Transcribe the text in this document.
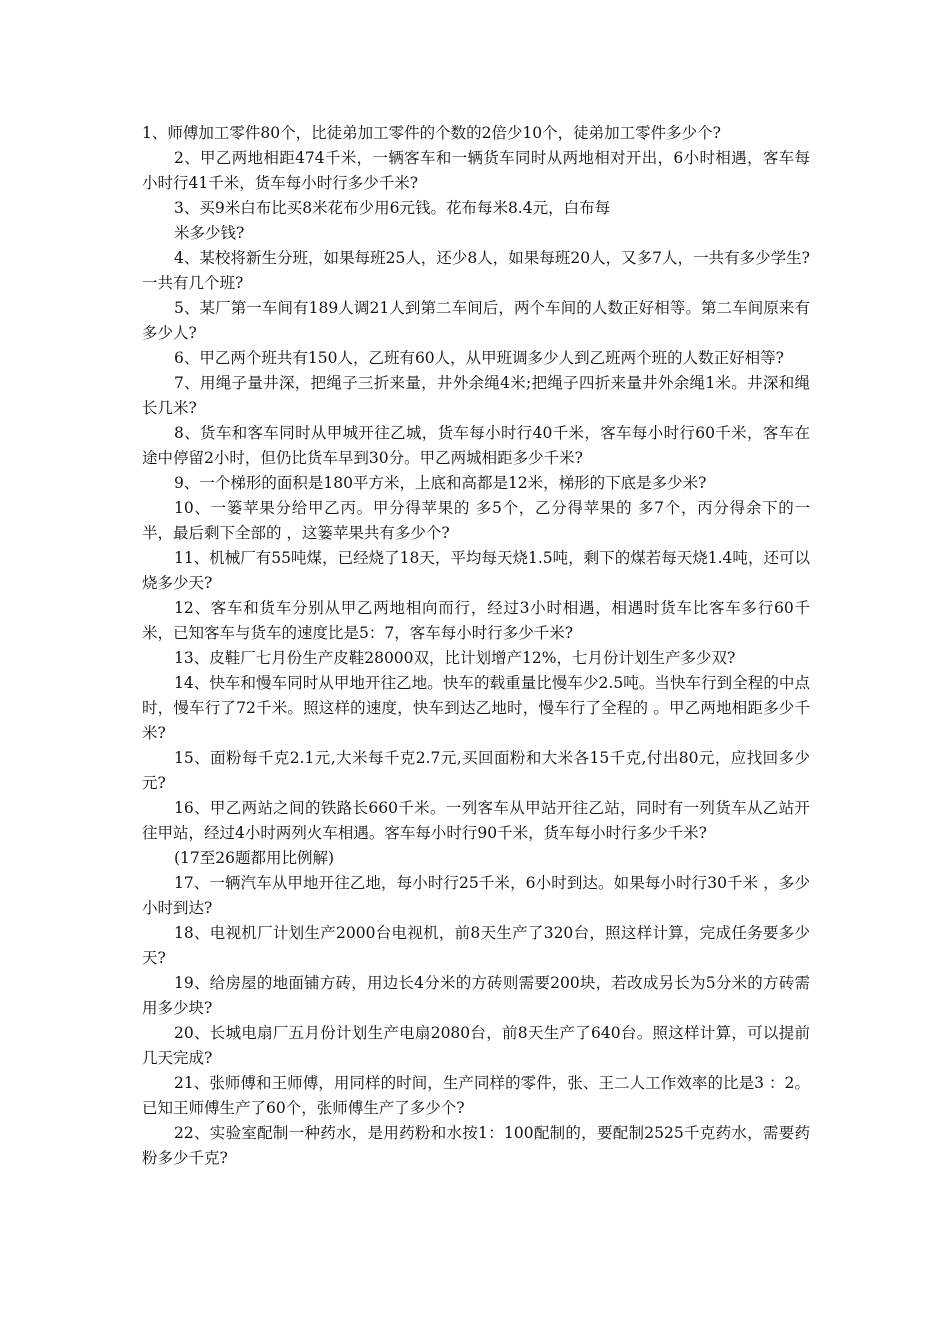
1、师傅加工零件80个，比徒弟加工零件的个数的2倍少10个，徒弟加工零件多少个?

2、甲乙两地相距474千米，一辆客车和一辆货车同时从两地相对开出，6小时相遇，客车每小时行41千米，货车每小时行多少千米?

3、买9米白布比买8米花布少用6元钱。花布每米8.4元，白布每

米多少钱?

4、某校将新生分班，如果每班25人，还少8人，如果每班20人，又多7人，一共有多少学生?一共有几个班?

5、某厂第一车间有189人调21人到第二车间后，两个车间的人数正好相等。第二车间原来有多少人?

6、甲乙两个班共有150人，乙班有60人，从甲班调多少人到乙班两个班的人数正好相等?

7、用绳子量井深，把绳子三折来量，井外余绳4米;把绳子四折来量井外余绳1米。井深和绳长几米?

8、货车和客车同时从甲城开往乙城，货车每小时行40千米，客车每小时行60千米，客车在途中停留2小时，但仍比货车早到30分。甲乙两城相距多少千米?

9、一个梯形的面积是180平方米，上底和高都是12米，梯形的下底是多少米?

10、一篓苹果分给甲乙丙。甲分得苹果的 多5个，乙分得苹果的 多7个，丙分得余下的一半，最后剩下全部的 ，这篓苹果共有多少个?

11、机械厂有55吨煤，已经烧了18天，平均每天烧1.5吨，剩下的煤若每天烧1.4吨，还可以烧多少天?

12、客车和货车分别从甲乙两地相向而行，经过3小时相遇，相遇时货车比客车多行60千米，已知客车与货车的速度比是5：7，客车每小时行多少千米?

13、皮鞋厂七月份生产皮鞋28000双，比计划增产12%，七月份计划生产多少双?

14、快车和慢车同时从甲地开往乙地。快车的载重量比慢车少2.5吨。当快车行到全程的中点时，慢车行了72千米。照这样的速度，快车到达乙地时，慢车行了全程的 。甲乙两地相距多少千米?

15、面粉每千克2.1元,大米每千克2.7元,买回面粉和大米各15千克,付出80元，应找回多少元?

16、甲乙两站之间的铁路长660千米。一列客车从甲站开往乙站，同时有一列货车从乙站开往甲站，经过4小时两列火车相遇。客车每小时行90千米，货车每小时行多少千米?

(17至26题都用比例解)

17、一辆汽车从甲地开往乙地，每小时行25千米，6小时到达。如果每小时行30千米 ，多少小时到达?

18、电视机厂计划生产2000台电视机，前8天生产了320台，照这样计算，完成任务要多少天?

19、给房屋的地面铺方砖，用边长4分米的方砖则需要200块，若改成另长为5分米的方砖需用多少块?

20、长城电扇厂五月份计划生产电扇2080台，前8天生产了640台。照这样计算，可以提前几天完成?

21、张师傅和王师傅，用同样的时间，生产同样的零件，张、王二人工作效率的比是3 ：2。已知王师傅生产了60个，张师傅生产了多少个?

22、实验室配制一种药水，是用药粉和水按1：100配制的，要配制2525千克药水，需要药粉多少千克?
